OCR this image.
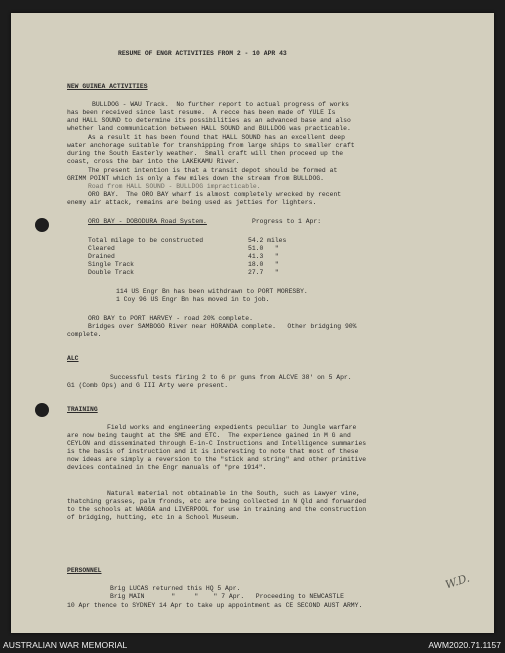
RESUME OF ENGR ACTIVITIES FROM 2 - 10 APR 43
NEW GUINEA ACTIVITIES
BULLDOG - WAU Track.  No further report to actual progress of works
has been received since last resume.  A recce has been made of YULE Is
and HALL SOUND to determine its possibilities as an advanced base and also
whether land communication between HALL SOUND and BULLDOG was practicable.
As a result it has been found that HALL SOUND has an excellent deep
water anchorage suitable for transhipping from large ships to smaller craft
during the South Easterly weather.  Small craft will then proceed up the
coast, cross the bar into the LAKEKAMU River.
The present intention is that a transit depot should be formed at
GRIMM POINT which is only a few miles down the stream from BULLDOG.
Road from HALL SOUND - BULLDOG impracticable.
ORO BAY.  The ORO BAY wharf is almost completely wrecked by recent
enemy air attack, remains are being used as jetties for lighters.
ORO BAY - DOBODURA Road System.	Progress to 1 Apr:
Total milage to be constructed	54.2 miles
Cleared	51.0   "
Drained	41.3   "
Single Track	18.0   "
Double Track	27.7   "
114 US Engr Bn has been withdrawn to PORT MORESBY.
1 Coy 96 US Engr Bn has moved in to job.
ORO BAY to PORT HARVEY - road 20% complete.
Bridges over SAMBOGO River near HORANDA complete.   Other bridging 90%
complete.
ALC
Successful tests firing 2 to 6 pr guns from ALCVE 38' on 5 Apr.
G1 (Comb Ops) and G III Arty were present.
TRAINING
Field works and engineering expedients peculiar to Jungle warfare
are now being taught at the SME and ETC.  The experience gained in M G and
CEYLON and disseminated through E-in-C Instructions and Intelligence summaries
is the basis of instruction and it is interesting to note that most of these
now ideas are simply a reversion to the "stick and string" and other primitive
devices contained in the Engr manuals of "pre 1914".
Natural material not obtainable in the South, such as Lawyer vine,
thatching grasses, palm fronds, etc are being collected in N Qld and forwarded
to the schools at WAGGA and LIVERPOOL for use in training and the construction
of bridging, hutting, etc in a School Museum.
PERSONNEL
Brig LUCAS returned this HQ 5 Apr.
Brig MAIN       "     "    " 7 Apr.   Proceeding to NEWCASTLE
10 Apr thence to SYDNEY 14 Apr to take up appointment as CE SECOND AUST ARMY.
W.D.
AUSTRALIAN WAR MEMORIAL	AWM2020.71.1157
